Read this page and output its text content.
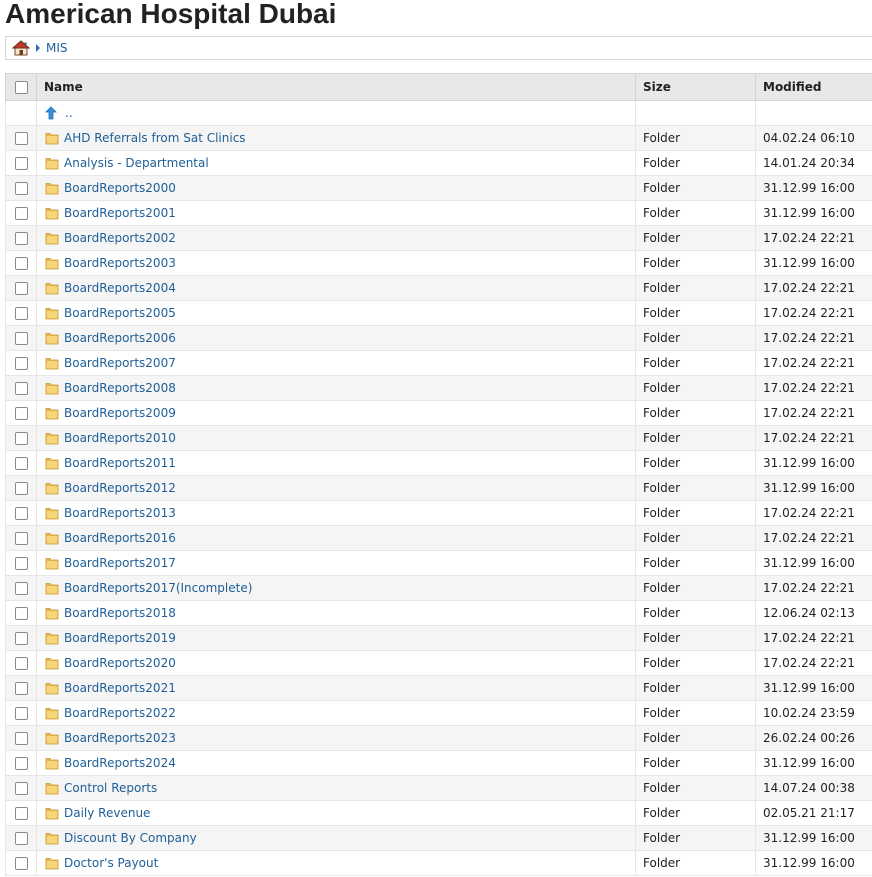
American Hospital Dubai
MIS
	Name	Size	Modified

	..		

	AHD Referrals from Sat Clinics	Folder	04.02.24 06:10

	Analysis - Departmental	Folder	14.01.24 20:34

	BoardReports2000	Folder	31.12.99 16:00

	BoardReports2001	Folder	31.12.99 16:00

	BoardReports2002	Folder	17.02.24 22:21

	BoardReports2003	Folder	31.12.99 16:00

	BoardReports2004	Folder	17.02.24 22:21

	BoardReports2005	Folder	17.02.24 22:21

	BoardReports2006	Folder	17.02.24 22:21

	BoardReports2007	Folder	17.02.24 22:21

	BoardReports2008	Folder	17.02.24 22:21

	BoardReports2009	Folder	17.02.24 22:21

	BoardReports2010	Folder	17.02.24 22:21

	BoardReports2011	Folder	31.12.99 16:00

	BoardReports2012	Folder	31.12.99 16:00

	BoardReports2013	Folder	17.02.24 22:21

	BoardReports2016	Folder	17.02.24 22:21

	BoardReports2017	Folder	31.12.99 16:00

	BoardReports2017(Incomplete)	Folder	17.02.24 22:21

	BoardReports2018	Folder	12.06.24 02:13

	BoardReports2019	Folder	17.02.24 22:21

	BoardReports2020	Folder	17.02.24 22:21

	BoardReports2021	Folder	31.12.99 16:00

	BoardReports2022	Folder	10.02.24 23:59

	BoardReports2023	Folder	26.02.24 00:26

	BoardReports2024	Folder	31.12.99 16:00

	Control Reports	Folder	14.07.24 00:38

	Daily Revenue	Folder	02.05.21 21:17

	Discount By Company	Folder	31.12.99 16:00

	Doctor's Payout	Folder	31.12.99 16:00
